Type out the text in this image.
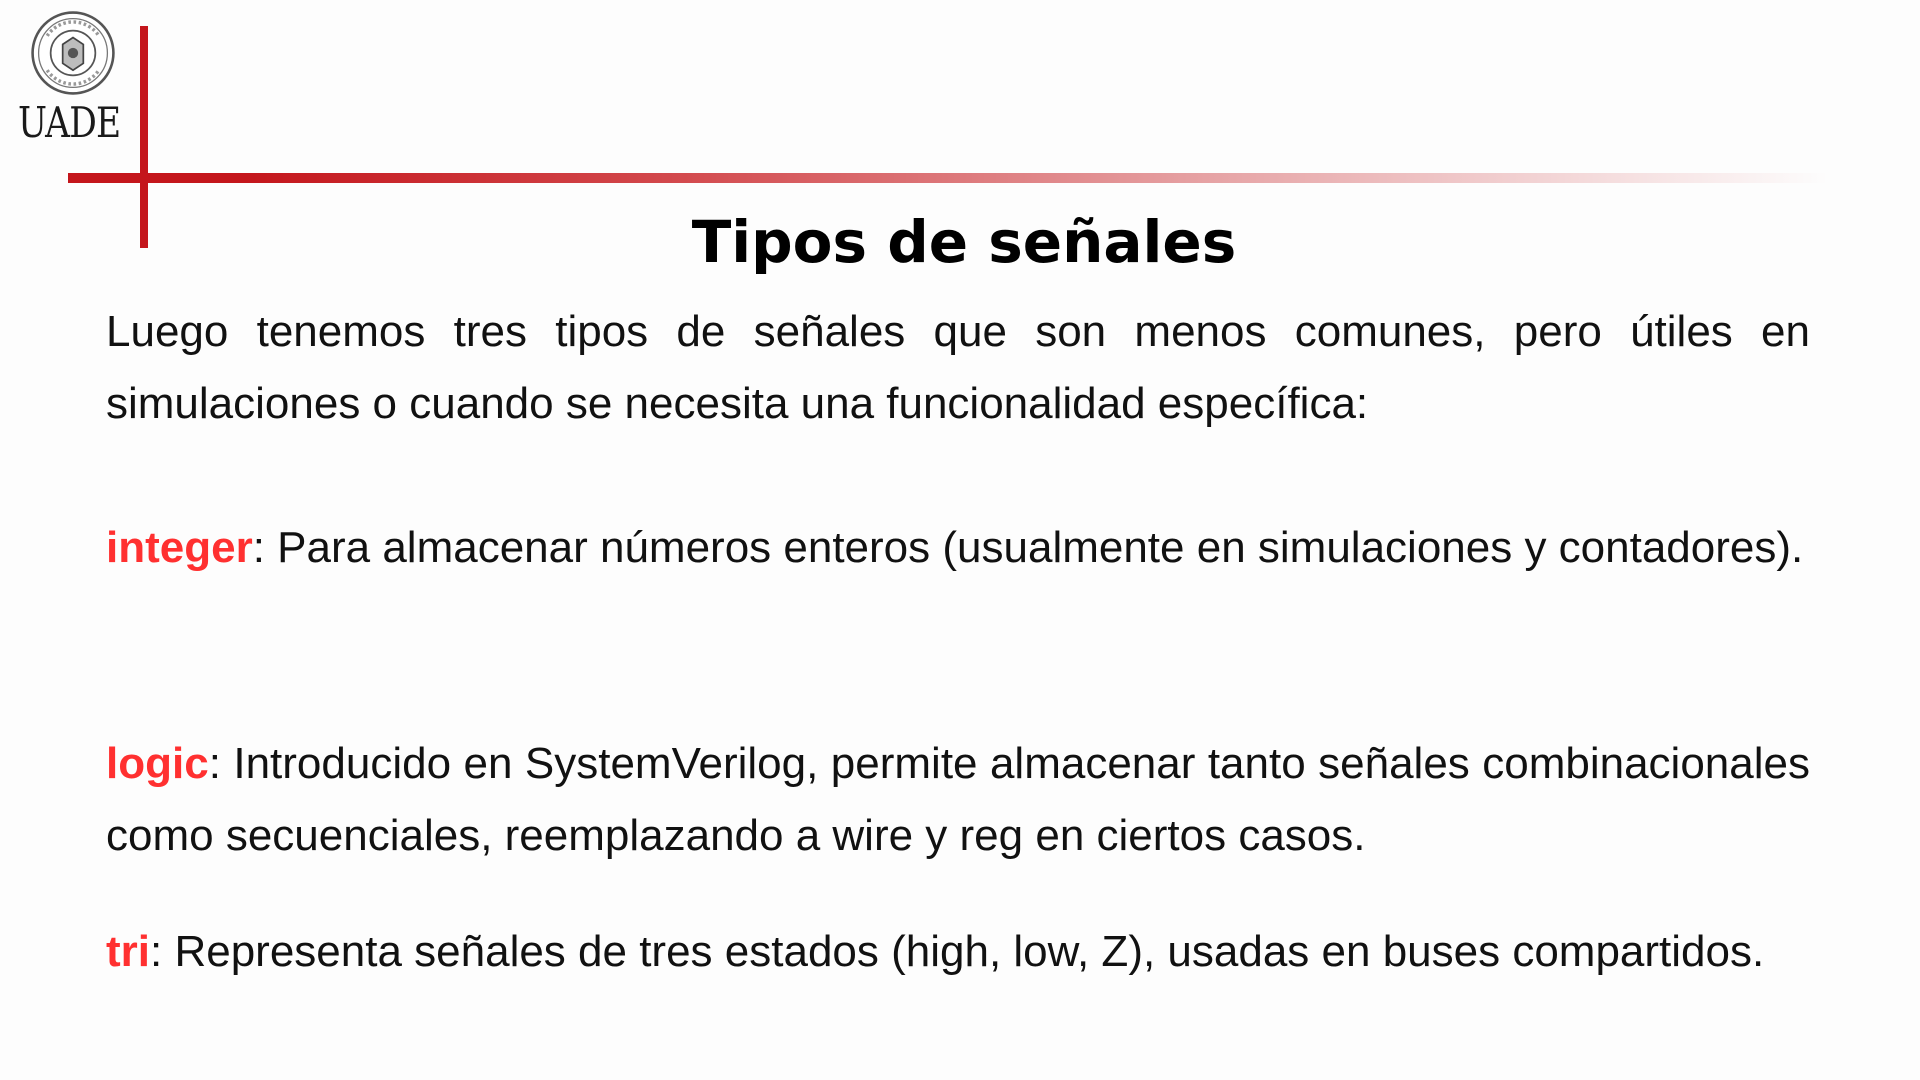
UADE
Tipos de señales
Luego tenemos tres tipos de señales que son menos comunes, pero útiles en simulaciones o cuando se necesita una funcionalidad específica:
integer: Para almacenar números enteros (usualmente en simulaciones y contadores).
logic: Introducido en SystemVerilog, permite almacenar tanto señales combinacionales como secuenciales, reemplazando a wire y reg en ciertos casos.
tri: Representa señales de tres estados (high, low, Z), usadas en buses compartidos.
